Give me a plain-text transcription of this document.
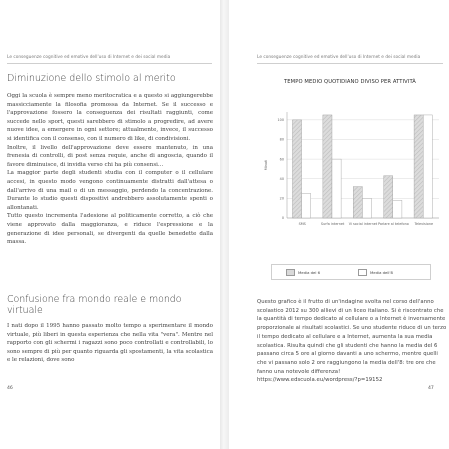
Le conseguenze cognitive ed emotive dell'uso di Internet e dei social media
Diminuzione dello stimolo al merito

Oggi la scuola è sempre meno meritocratica e a questo si aggiungerebbe massicciamente la filosofia promossa da Internet. Se il successo e l'approvazione fossero la conseguenza dei risultati raggiunti, come succede nello sport, questi sarebbero di stimolo a progredire, ad avere nuove idee, a emergere in ogni settore; attualmente, invece, il successo si identifica con il consenso, con il numero di like, di condivisioni.

Inoltre, il livello dell'approvazione deve essere mantenuto, in una frenesia di controlli, di post senza requie, anche di angoscia, quando il favore diminuisce, di invidia verso chi ha più consensi…

La maggior parte degli studenti studia con il computer o il cellulare accesi, in questo modo vengono continuamente distratti dall'attesa o dall'arrivo di una mail o di un messaggio, perdendo la concentrazione. Durante lo studio questi dispositivi andrebbero assolutamente spenti o allontanati.

Tutto questo incrementa l'adesione al politicamente corretto, a ciò che viene approvato dalla maggioranza, e riduce l'espressione e la generazione di idee personali, se divergenti da quelle benedette dalla massa.

Confusione fra mondo reale e mondo virtuale

I nati dopo il 1995 hanno passato molto tempo a sperimentare il mondo virtuale, più liberi in questa esperienza che nella vita "vera". Mentre nel rapporto con gli schermi i ragazzi sono poco controllati e controllabili, lo sono sempre di più per quanto riguarda gli spostamenti, la vita scolastica e le relazioni, dove sono

46
Le conseguenze cognitive ed emotive dell'uso di Internet e dei social media
TEMPO MEDIO QUOTIDIANO DIVISO PER ATTIVITÀ
0
20
40
60
80
100
Minuti
SMS	Surfa internet Vi social internet Parlare al telefono Televisione
Media del 6	Media dell'8
Questo grafico è il frutto di un'indagine svolta nel corso dell'anno scolastico 2012 su 300 allievi di un liceo italiano. Si è riscontrato che la quantità di tempo dedicato al cellulare o a Internet è inversamente proporzionale ai risultati scolastici. Se uno studente riduce di un terzo il tempo dedicato al cellulare e a Internet, aumenta la sua media scolastica. Risulta quindi che gli studenti che hanno la media del 6 passano circa 5 ore al giorno davanti a uno schermo, mentre quelli che vi passano solo 2 ore raggiungono la media dell'8: tre ore che fanno una notevole differenza!
https://www.edscuola.eu/wordpress/?p=19152
47
